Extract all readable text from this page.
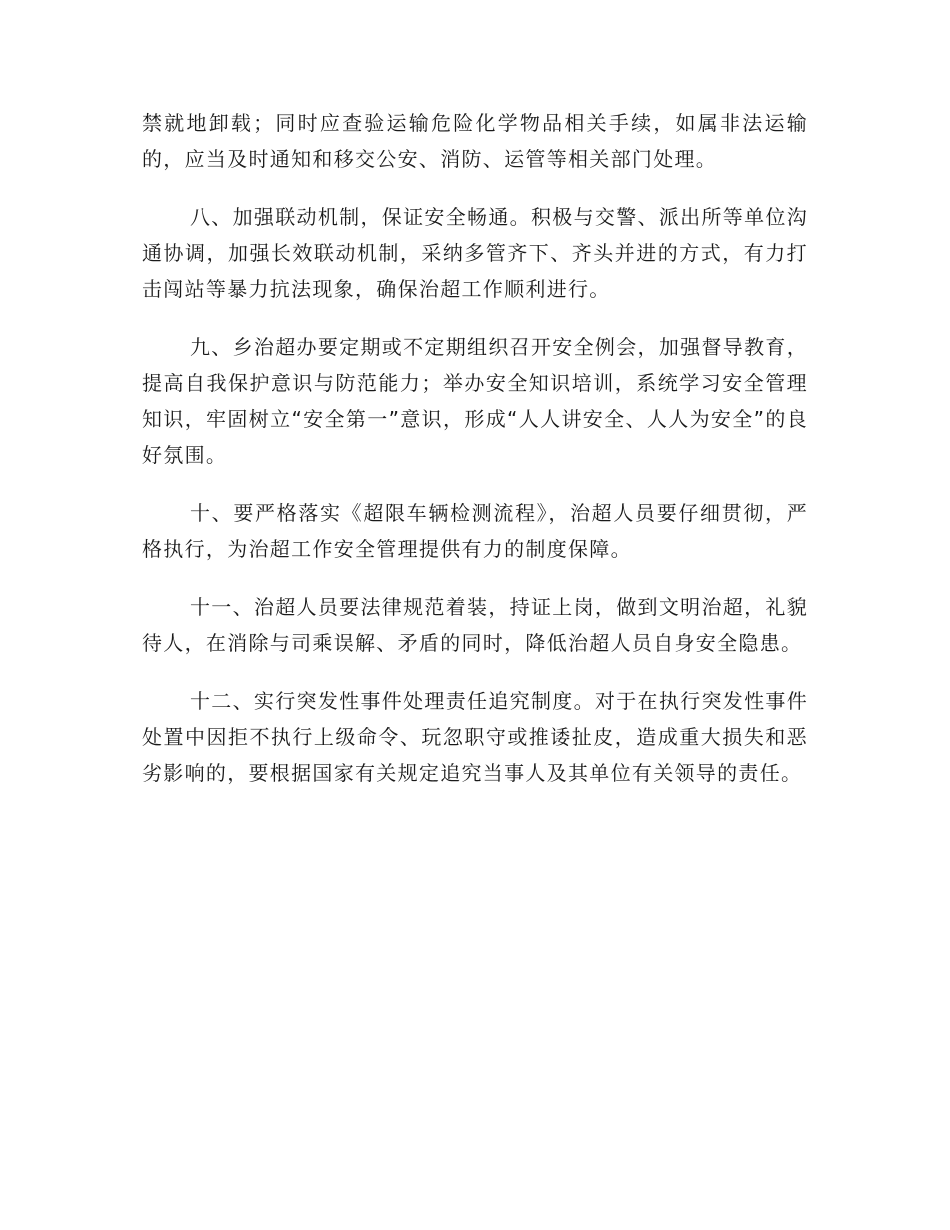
禁就地卸载；同时应查验运输危险化学物品相关手续，如属非法运输的，应当及时通知和移交公安、消防、运管等相关部门处理。

八、加强联动机制，保证安全畅通。积极与交警、派出所等单位沟通协调，加强长效联动机制，采纳多管齐下、齐头并进的方式，有力打击闯站等暴力抗法现象，确保治超工作顺利进行。

九、乡治超办要定期或不定期组织召开安全例会，加强督导教育，提高自我保护意识与防范能力；举办安全知识培训，系统学习安全管理知识，牢固树立“安全第一”意识，形成“人人讲安全、人人为安全”的良好氛围。

十、要严格落实《超限车辆检测流程》，治超人员要仔细贯彻，严格执行，为治超工作安全管理提供有力的制度保障。

十一、治超人员要法律规范着装，持证上岗，做到文明治超，礼貌待人，在消除与司乘误解、矛盾的同时，降低治超人员自身安全隐患。

十二、实行突发性事件处理责任追究制度。对于在执行突发性事件处置中因拒不执行上级命令、玩忽职守或推诿扯皮，造成重大损失和恶劣影响的，要根据国家有关规定追究当事人及其单位有关领导的责任。
